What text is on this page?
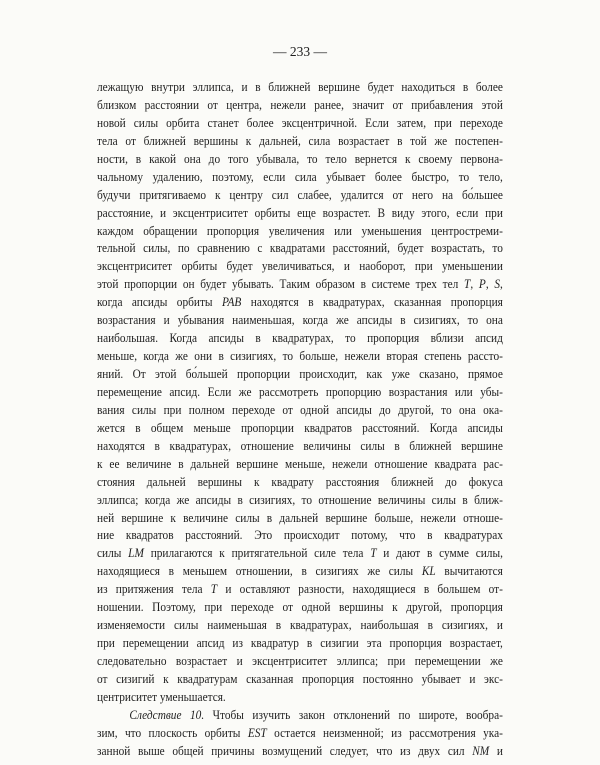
— 233 —
лежащую внутри эллипса, и в ближней вершине будет находиться в более
близком расстоянии от центра, нежели ранее, значит от прибавления этой
новой силы орбита станет более эксцентричной. Если затем, при переходе
тела от ближней вершины к дальней, сила возрастает в той же постепен-
ности, в какой она до того убывала, то тело вернется к своему первона-
чальному удалению, поэтому, если сила убывает более быстро, то тело,
будучи притягиваемо к центру сил слабее, удалится от него на бо́льшее
расстояние, и эксцентриситет орбиты еще возрастет. В виду этого, если при
каждом обращении пропорция увеличения или уменьшения центростреми-
тельной силы, по сравнению с квадратами расстояний, будет возрастать, то
эксцентриситет орбиты будет увеличиваться, и наоборот, при уменьшении
этой пропорции он будет убывать. Таким образом в системе трех тел T, P, S,
когда апсиды орбиты PAB находятся в квадратурах, сказанная пропорция
возрастания и убывания наименьшая, когда же апсиды в сизигиях, то она
наибольшая. Когда апсиды в квадратурах, то пропорция вблизи апсид
меньше, когда же они в сизигиях, то больше, нежели вторая степень рассто-
яний. От этой бо́льшей пропорции происходит, как уже сказано, прямое
перемещение апсид. Если же рассмотреть пропорцию возрастания или убы-
вания силы при полном переходе от одной апсиды до другой, то она ока-
жется в общем меньше пропорции квадратов расстояний. Когда апсиды
находятся в квадратурах, отношение величины силы в ближней вершине
к ее величине в дальней вершине меньше, нежели отношение квадрата рас-
стояния дальней вершины к квадрату расстояния ближней до фокуса
эллипса; когда же апсиды в сизигиях, то отношение величины силы в ближ-
ней вершине к величине силы в дальней вершине больше, нежели отноше-
ние квадратов расстояний. Это происходит потому, что в квадратурах
силы LM прилагаются к притягательной силе тела T и дают в сумме силы,
находящиеся в меньшем отношении, в сизигиях же силы KL вычитаются
из притяжения тела T и оставляют разности, находящиеся в большем от-
ношении. Поэтому, при переходе от одной вершины к другой, пропорция
изменяемости силы наименьшая в квадратурах, наибольшая в сизигиях, и
при перемещении апсид из квадратур в сизигии эта пропорция возрастает,
следовательно возрастает и эксцентриситет эллипса; при перемещении же
от сизигий к квадратурам сказанная пропорция постоянно убывает и экс-
центриситет уменьшается.
Следствие 10. Чтобы изучить закон отклонений по широте, вообра-
зим, что плоскость орбиты EST остается неизменной; из рассмотрения ука-
занной выше общей причины возмущений следует, что из двух сил NM и
